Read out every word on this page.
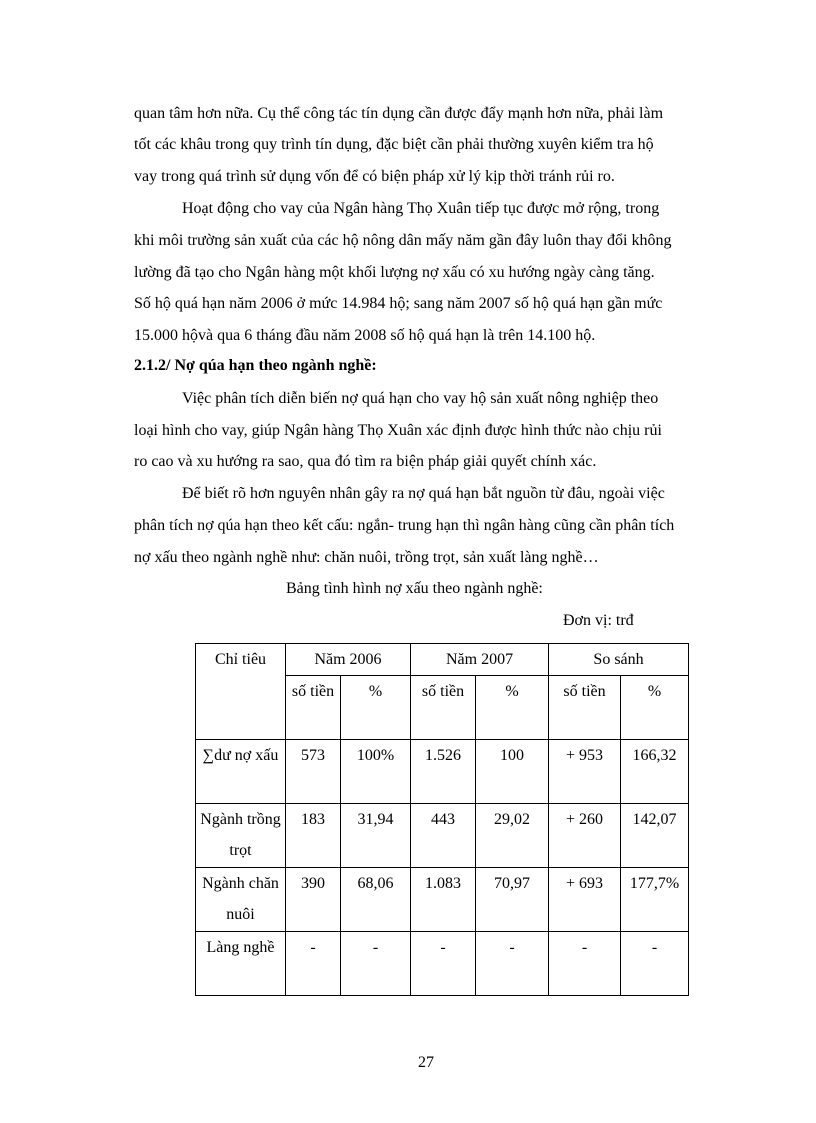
quan tâm hơn nữa. Cụ thể công tác tín dụng cần được đẩy mạnh hơn nữa, phải làm
tốt các khâu trong quy trình tín dụng, đặc biệt cần phải thường xuyên kiểm tra hộ
vay trong quá trình sử dụng vốn để có biện pháp xử lý kịp thời tránh rủi ro.
Hoạt động cho vay của Ngân hàng Thọ Xuân tiếp tục được mở rộng, trong
khi môi trường sản xuất của các hộ nông dân mấy năm gần đây luôn thay đổi không
lường đã tạo cho Ngân hàng một khối lượng nợ xấu có xu hướng ngày càng tăng.
Số hộ quá hạn năm 2006 ở mức 14.984 hộ; sang năm 2007 số hộ quá hạn gần mức
15.000 hộvà qua 6 tháng đầu năm 2008 số hộ quá hạn là trên 14.100 hộ.
2.1.2/ Nợ qúa hạn theo ngành nghề:
Việc phân tích diễn biến nợ quá hạn cho vay hộ sản xuất nông nghiệp theo
loại hình cho vay, giúp Ngân hàng Thọ Xuân xác định được hình thức nào chịu rủi
ro cao và xu hướng ra sao, qua đó tìm ra biện pháp giải quyết chính xác.
Để biết rõ hơn nguyên nhân gây ra nợ quá hạn bắt nguồn từ đâu, ngoài việc
phân tích nợ qúa hạn theo kết cấu: ngắn- trung hạn thì ngân hàng cũng cần phân tích
nợ xấu theo ngành nghề như: chăn nuôi, trồng trọt, sản xuất làng nghề…
Bảng tình hình nợ xấu theo ngành nghề:
Đơn vị: trđ
Chỉ tiêu	Năm 2006		Năm 2007		So sánh	
	số tiền	%	số tiền	%	số tiền	%
∑dư nợ xấu	573	100%	1.526	100	+ 953	166,32
Ngành trồng trọt	183	31,94	443	29,02	+ 260	142,07
Ngành chăn nuôi	390	68,06	1.083	70,97	+ 693	177,7%
Làng nghề	-	-	-	-	-	-
27
